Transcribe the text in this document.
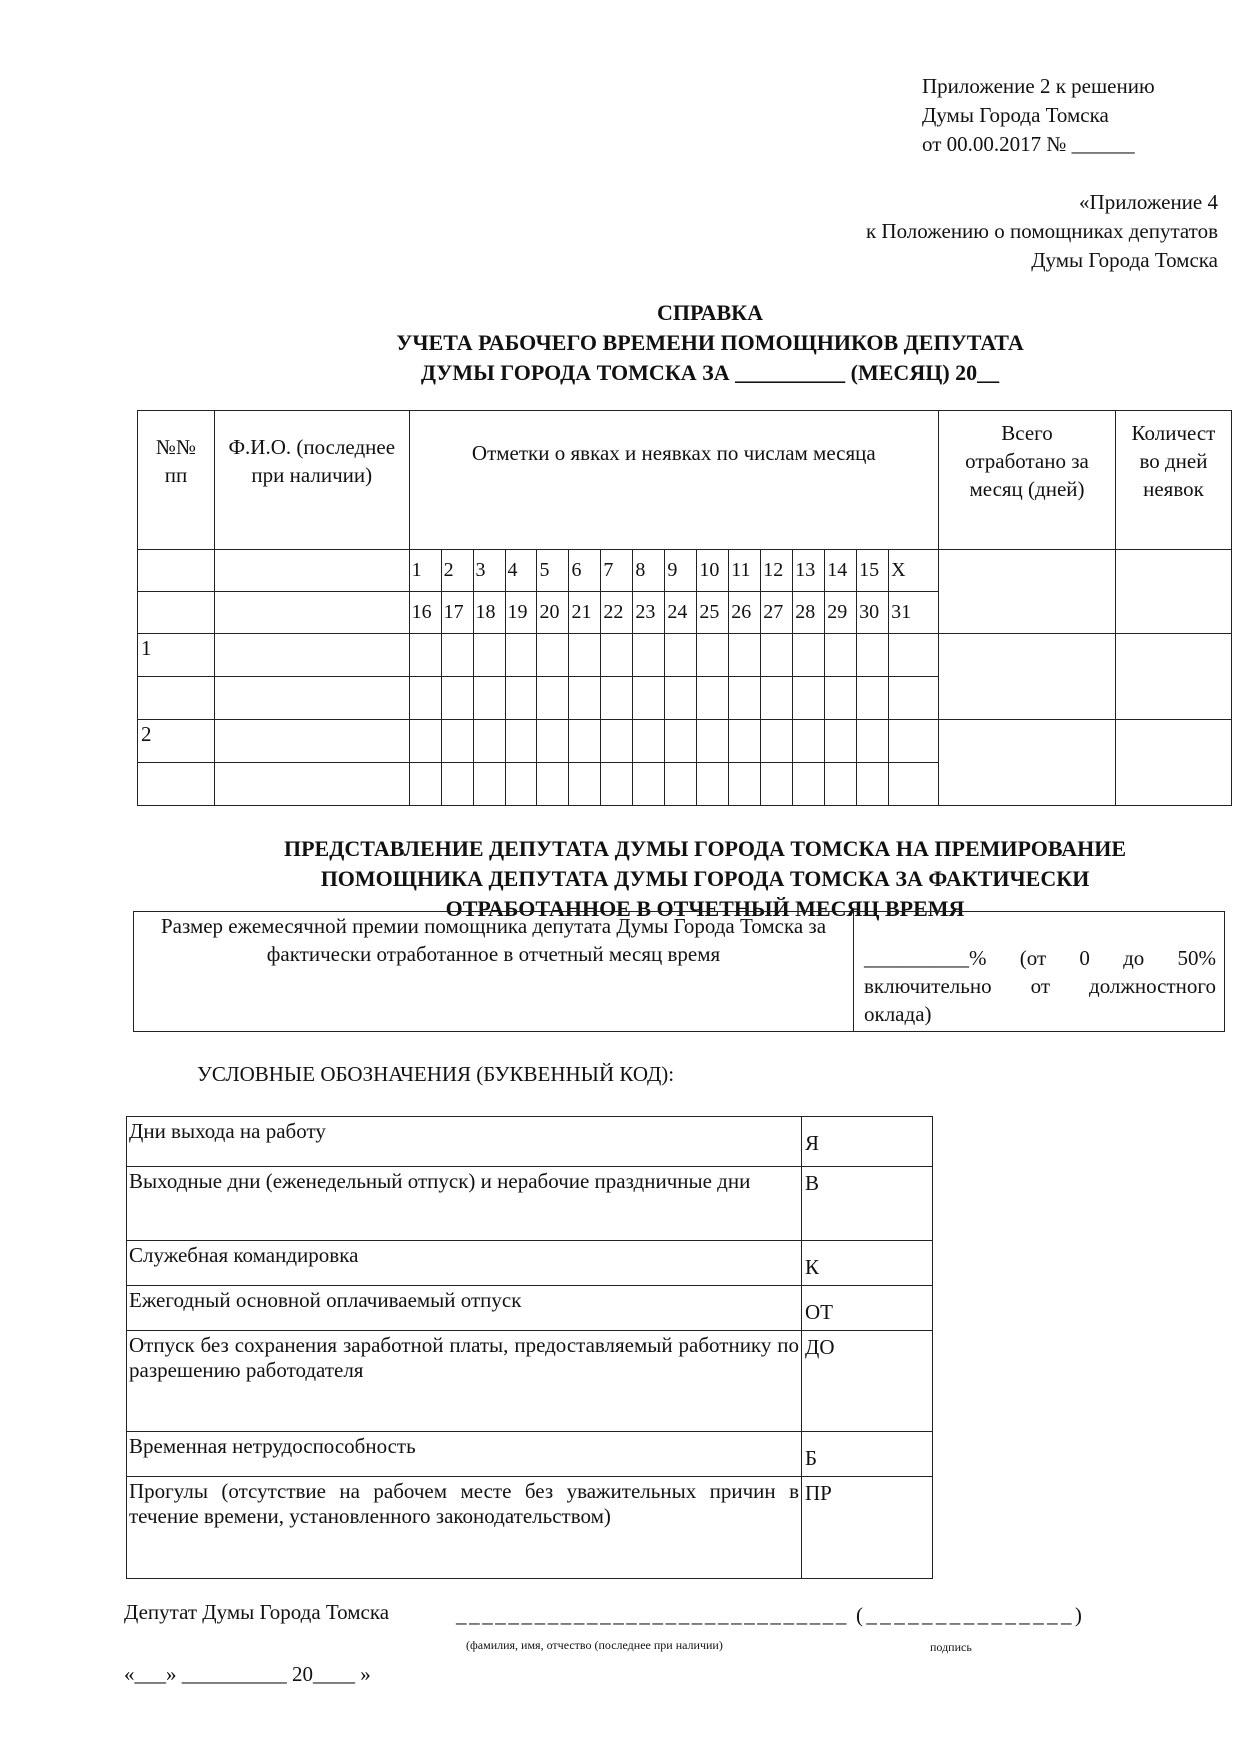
Приложение 2 к решению
Думы Города Томска
от 00.00.2017 № ______
«Приложение 4
к Положению о помощниках депутатов
Думы Города Томска
СПРАВКА
УЧЕТА РАБОЧЕГО ВРЕМЕНИ ПОМОЩНИКОВ ДЕПУТАТА
ДУМЫ ГОРОДА ТОМСКА ЗА __________ (МЕСЯЦ) 20__
№№ пп	Ф.И.О. (последнее при наличии)	Отметки о явках и неявках по числам месяца																Всего отработано за месяц (дней)	Количест во дней неявок
		1	2	3	4	5	6	7	8	9	10	11	12	13	14	15	X		
		16	17	18	19	20	21	22	23	24	25	26	27	28	29	30	31		
1																			

2																			

ПРЕДСТАВЛЕНИЕ ДЕПУТАТА ДУМЫ ГОРОДА ТОМСКА НА ПРЕМИРОВАНИЕ
ПОМОЩНИКА ДЕПУТАТА ДУМЫ ГОРОДА ТОМСКА ЗА ФАКТИЧЕСКИ
ОТРАБОТАННОЕ В ОТЧЕТНЫЙ МЕСЯЦ ВРЕМЯ
Размер ежемесячной премии помощника депутата Думы Города Томска за фактически отработанное в отчетный месяц время	__________% (от 0 до 50% включительно от должностного оклада)
УСЛОВНЫЕ ОБОЗНАЧЕНИЯ (БУКВЕННЫЙ КОД):
Дни выхода на работу	Я
Выходные дни (еженедельный отпуск) и нерабочие праздничные дни	В
Служебная командировка	К
Ежегодный основной оплачиваемый отпуск	ОТ
Отпуск без сохранения заработной платы, предоставляемый работнику по разрешению работодателя	ДО
Временная нетрудоспособность	Б
Прогулы (отсутствие на рабочем месте без уважительных причин в течение времени, установленного законодательством)	ПР
Депутат Думы Города Томска	______________________________
(фамилия, имя, отчество (последнее при наличии)
(_______________)
подпись
«___» __________ 20____ »
